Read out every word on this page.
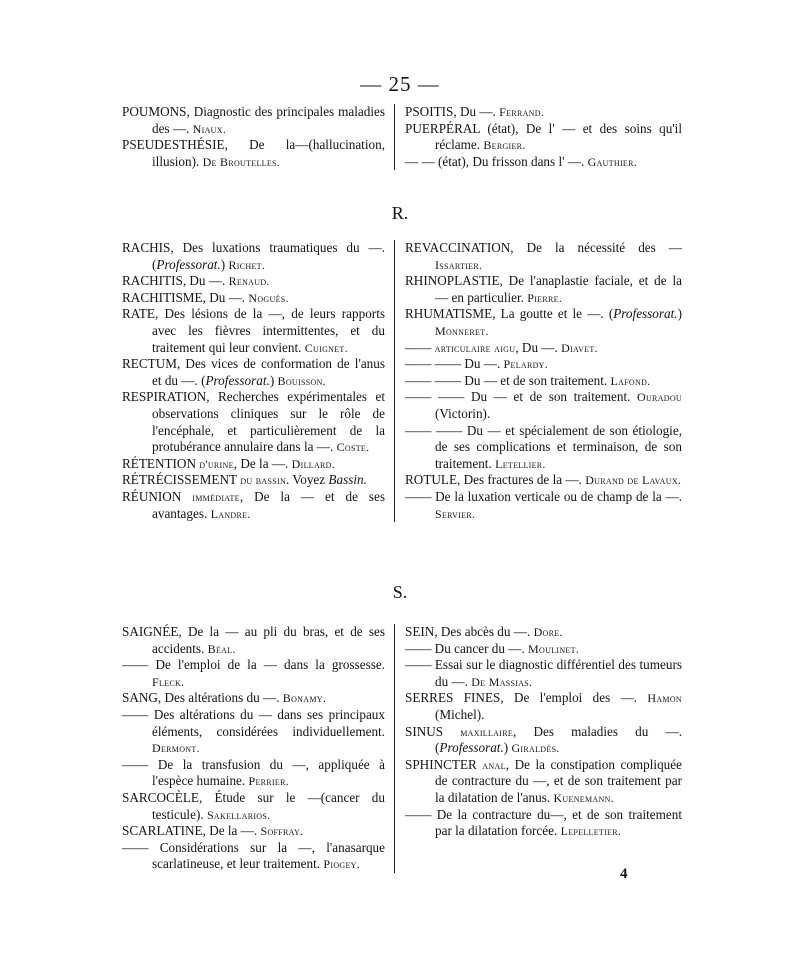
— 25 —

POUMONS, Diagnostic des principales maladies des —. Niaux.

PSEUDESTHÉSIE, De la—(hallucination, illusion). De Broutelles.

PSOITIS, Du —. Ferrand.

PUERPÉRAL (état), De l' — et des soins qu'il réclame. Bergier.

— — (état), Du frisson dans l' —. Gauthier.

R.

RACHIS, Des luxations traumatiques du —. (Professorat.) Richet.

RACHITIS, Du —. Renaud.

RACHITISME, Du —. Nogués.

RATE, Des lésions de la —, de leurs rapports avec les fièvres intermittentes, et du traitement qui leur convient. Cuignet.

RECTUM, Des vices de conformation de l'anus et du —. (Professorat.) Bouisson.

RESPIRATION, Recherches expérimentales et observations cliniques sur le rôle de l'encéphale, et particulièrement de la protubérance annulaire dans la —. Coste.

RÉTENTION d'urine, De la —. Dillard.

RÉTRÉCISSEMENT du bassin. Voyez Bassin.

RÉUNION immédiate, De la — et de ses avantages. Landre.

REVACCINATION, De la nécessité des — Issartier.

RHINOPLASTIE, De l'anaplastie faciale, et de la — en particulier. Pierre.

RHUMATISME, La goutte et le —. (Professorat.) Monneret.

—— articulaire aigu, Du —. Diavet.

—— —— Du —. Pelardy.

—— —— Du — et de son traitement. Lafond.

—— —— Du — et de son traitement. Ouradou (Victorin).

—— —— Du — et spécialement de son étiologie, de ses complications et terminaison, de son traitement. Letellier.

ROTULE, Des fractures de la —. Durand de Lavaux.

—— De la luxation verticale ou de champ de la —. Servier.

S.

SAIGNÉE, De la — au pli du bras, et de ses accidents. Béal.

—— De l'emploi de la — dans la grossesse. Fleck.

SANG, Des altérations du —. Bonamy.

—— Des altérations du — dans ses principaux éléments, considérées individuellement. Dermont.

—— De la transfusion du —, appliquée à l'espèce humaine. Perrier.

SARCOCÈLE, Étude sur le —(cancer du testicule). Sakellarios.

SCARLATINE, De la —. Soffray.

—— Considérations sur la —, l'anasarque scarlatineuse, et leur traitement. Piogey.

SEIN, Des abcès du —. Dore.

—— Du cancer du —. Moulinet.

—— Essai sur le diagnostic différentiel des tumeurs du —. De Massias.

SERRES FINES, De l'emploi des —. Hamon (Michel).

SINUS maxillaire, Des maladies du —. (Professorat.) Giraldès.

SPHINCTER anal, De la constipation compliquée de contracture du —, et de son traitement par la dilatation de l'anus. Kuenemann.

—— De la contracture du—, et de son traitement par la dilatation forcée. Lepelletier.

4
